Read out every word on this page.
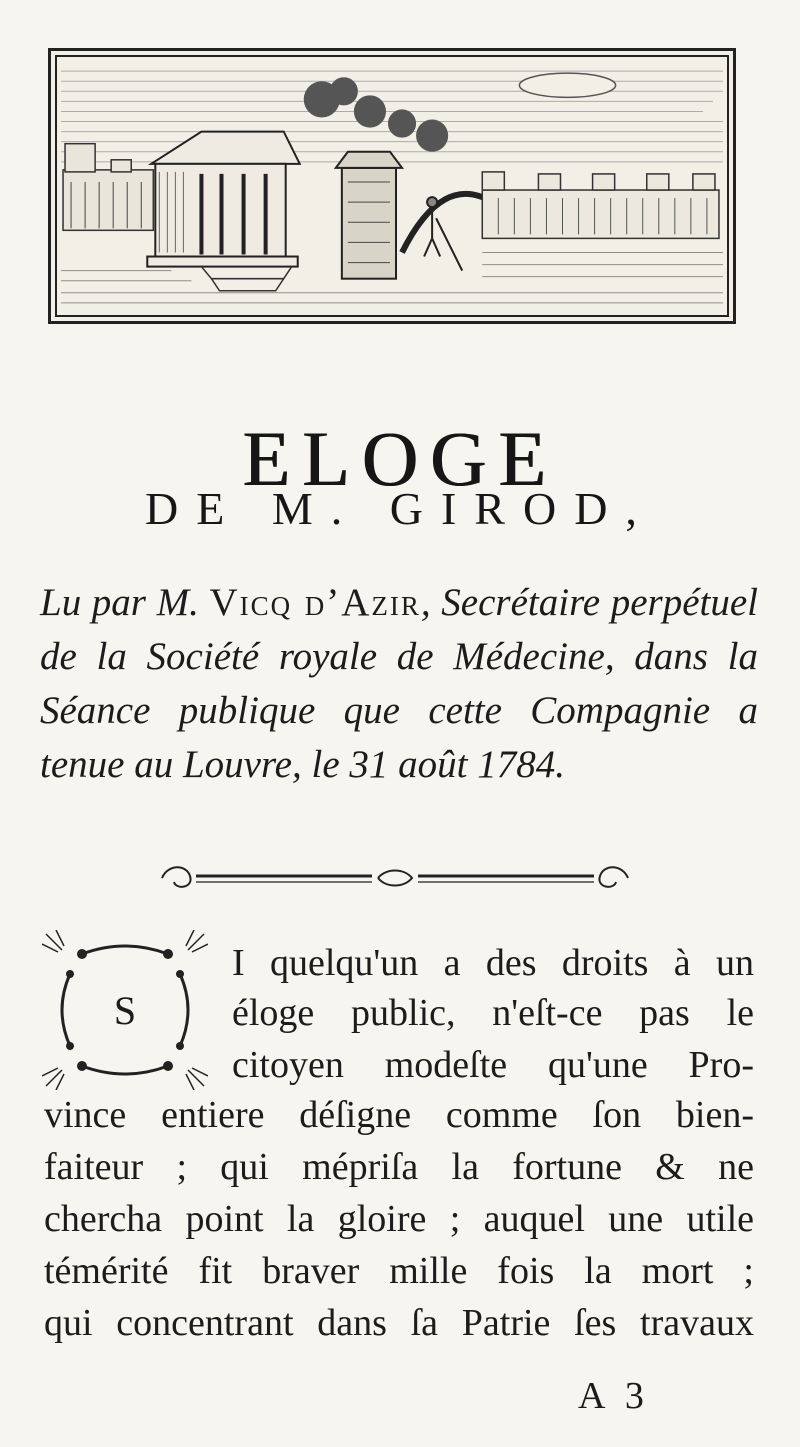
ELOGE
DE M. GIROD,
Lu par M. Vicq d’Azir, Secrétaire perpétuel de la Société royale de Médecine, dans la Séance publique que cette Compagnie a tenue au Louvre, le 31 août 1784.
S
I quelqu'un a des droits à un
éloge public, n'eſt-ce pas le
citoyen modeſte qu'une Pro-
vince entiere déſigne comme ſon bien-
faiteur ; qui mépriſa la fortune & ne
chercha point la gloire ; auquel une utile
témérité fit braver mille fois la mort ;
qui concentrant dans ſa Patrie ſes travaux
A 3
